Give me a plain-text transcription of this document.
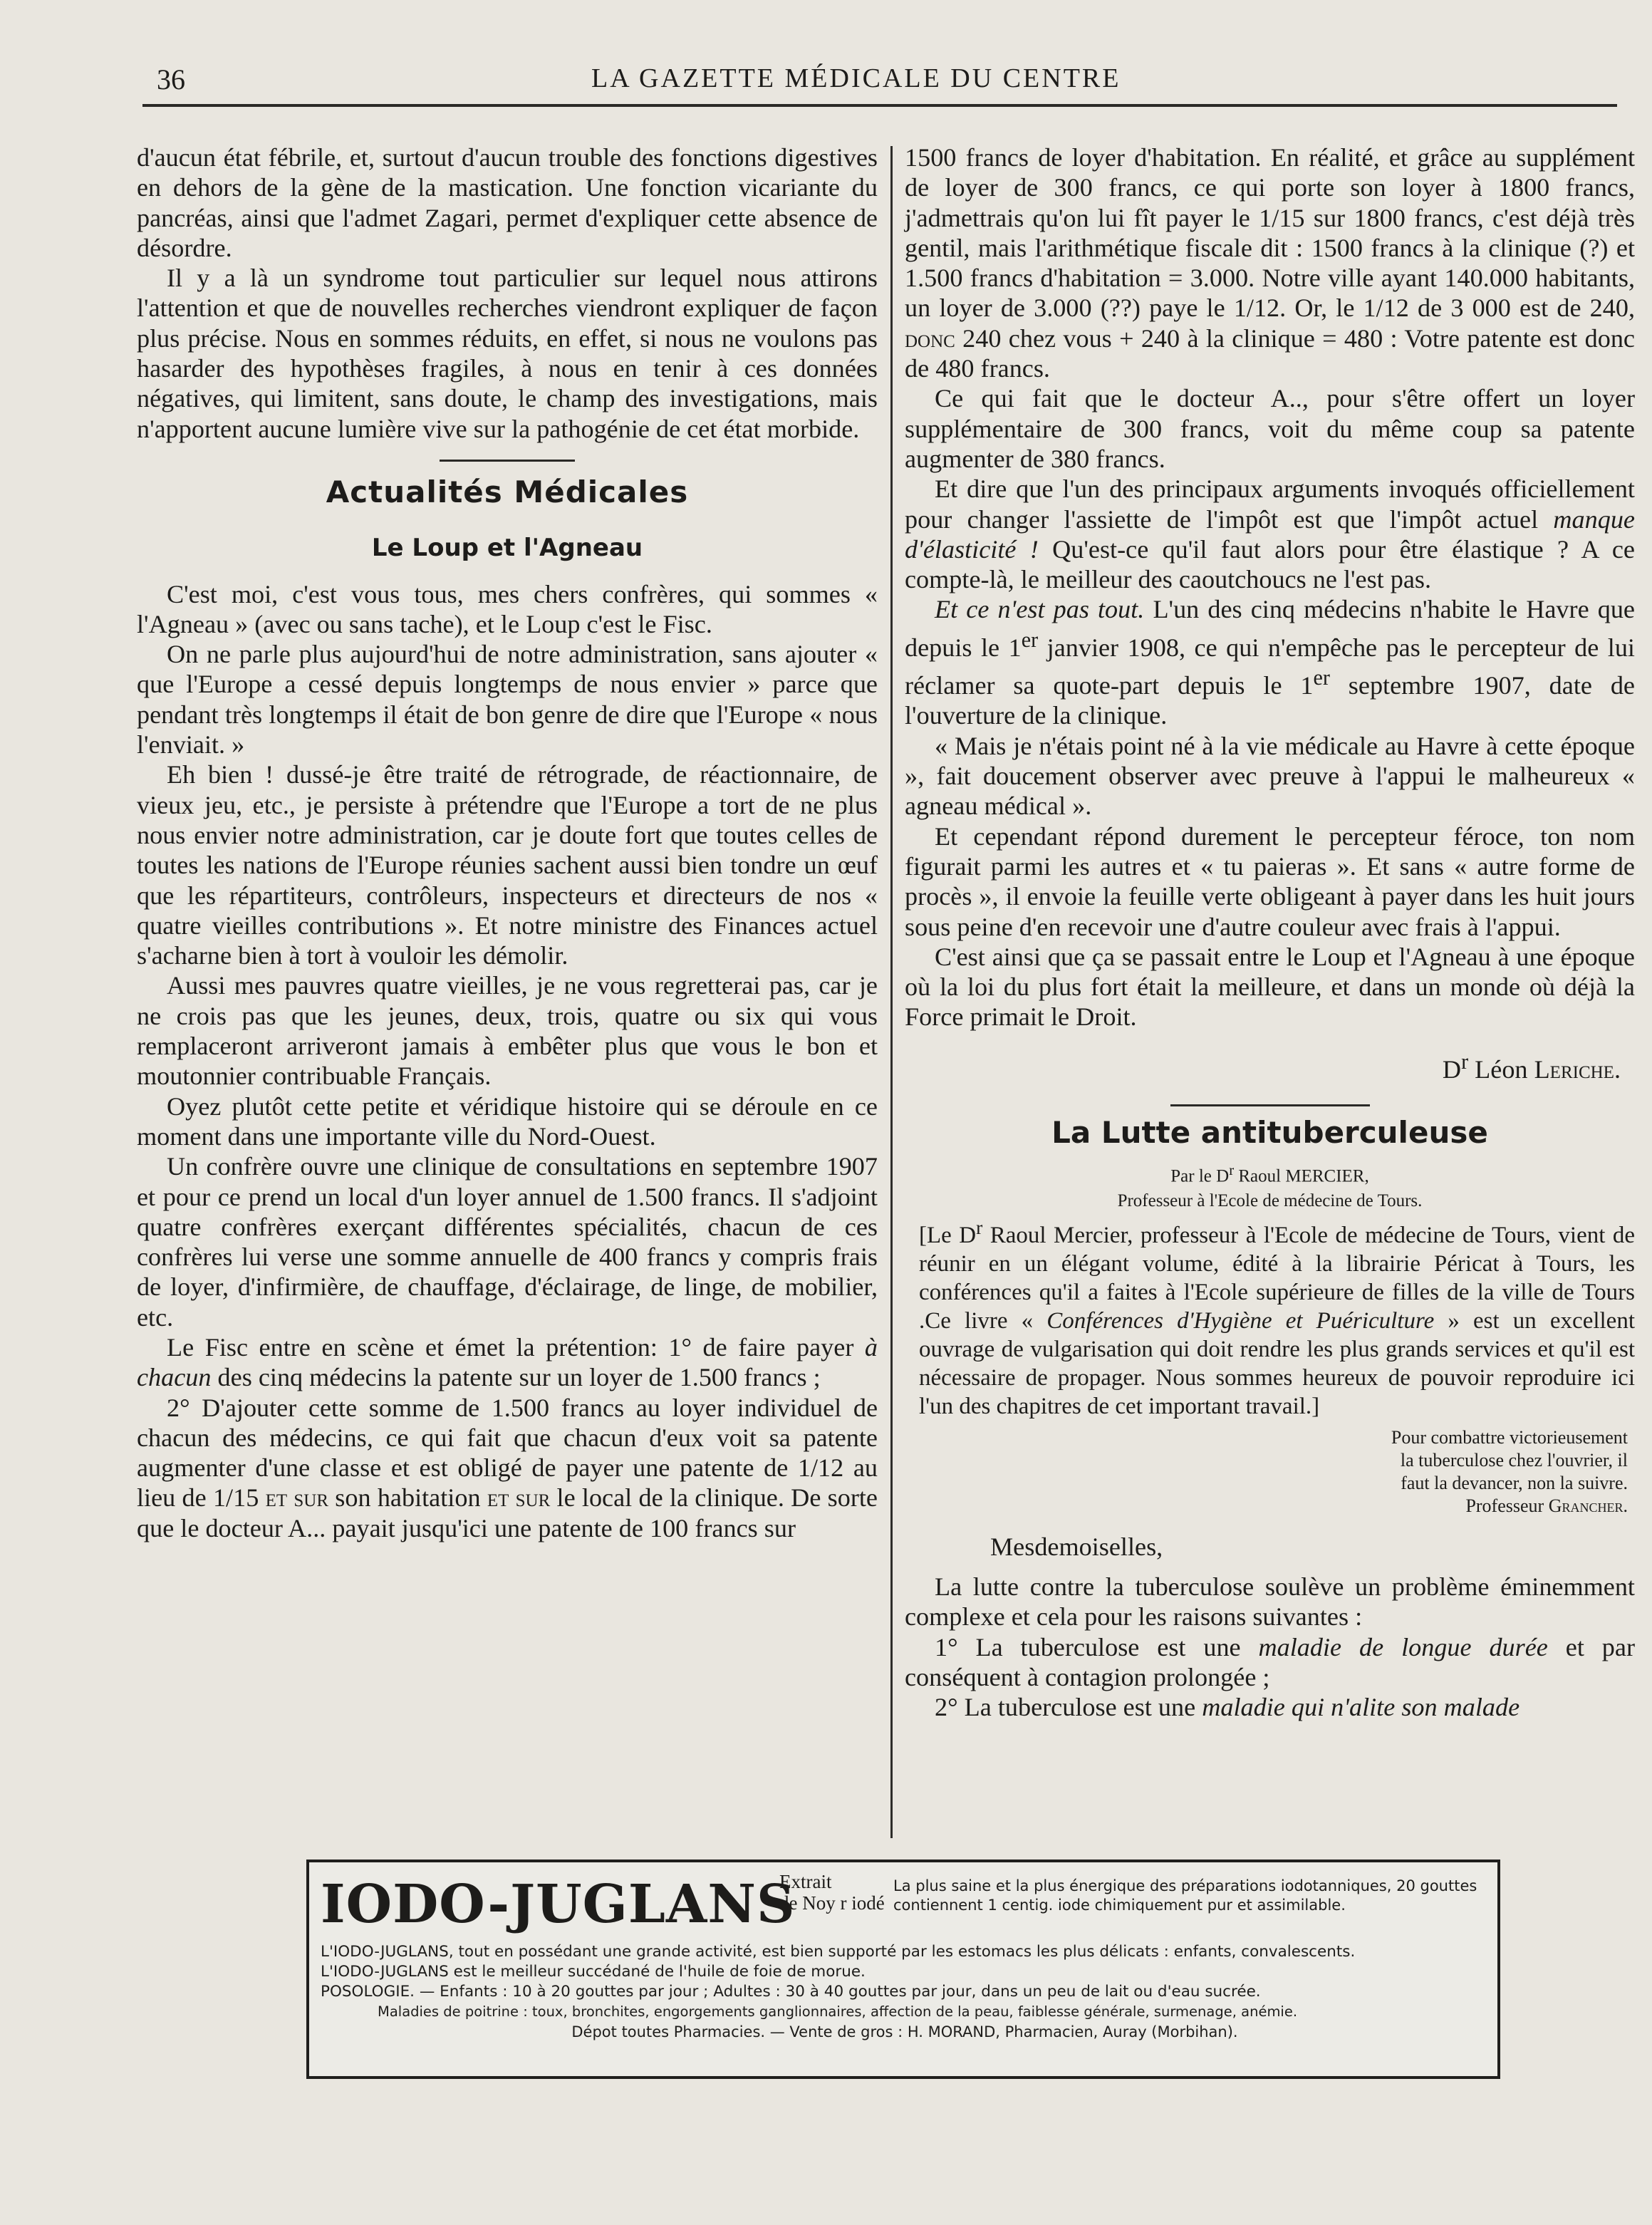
36	LA GAZETTE MÉDICALE DU CENTRE

d'aucun état fébrile, et, surtout d'aucun trouble des fonctions digestives en dehors de la gène de la mastication. Une fonction vicariante du pancréas, ainsi que l'admet Zagari, permet d'expliquer cette absence de désordre.

Il y a là un syndrome tout particulier sur lequel nous attirons l'attention et que de nouvelles recherches viendront expliquer de façon plus précise. Nous en sommes réduits, en effet, si nous ne voulons pas hasarder des hypothèses fragiles, à nous en tenir à ces données négatives, qui limitent, sans doute, le champ des investigations, mais n'apportent aucune lumière vive sur la pathogénie de cet état morbide.

Actualités Médicales
Le Loup et l'Agneau

C'est moi, c'est vous tous, mes chers confrères, qui sommes « l'Agneau » (avec ou sans tache), et le Loup c'est le Fisc.

On ne parle plus aujourd'hui de notre administration, sans ajouter « que l'Europe a cessé depuis longtemps de nous envier » parce que pendant très longtemps il était de bon genre de dire que l'Europe « nous l'enviait. »

Eh bien ! dussé-je être traité de rétrograde, de réactionnaire, de vieux jeu, etc., je persiste à prétendre que l'Europe a tort de ne plus nous envier notre administration, car je doute fort que toutes celles de toutes les nations de l'Europe réunies sachent aussi bien tondre un œuf que les répartiteurs, contrôleurs, inspecteurs et directeurs de nos « quatre vieilles contributions ». Et notre ministre des Finances actuel s'acharne bien à tort à vouloir les démolir.

Aussi mes pauvres quatre vieilles, je ne vous regretterai pas, car je ne crois pas que les jeunes, deux, trois, quatre ou six qui vous remplaceront arriveront jamais à embêter plus que vous le bon et moutonnier contribuable Français.

Oyez plutôt cette petite et véridique histoire qui se déroule en ce moment dans une importante ville du Nord-Ouest.

Un confrère ouvre une clinique de consultations en septembre 1907 et pour ce prend un local d'un loyer annuel de 1.500 francs. Il s'adjoint quatre confrères exerçant différentes spécialités, chacun de ces confrères lui verse une somme annuelle de 400 francs y compris frais de loyer, d'infirmière, de chauffage, d'éclairage, de linge, de mobilier, etc.

Le Fisc entre en scène et émet la prétention: 1° de faire payer à chacun des cinq médecins la patente sur un loyer de 1.500 francs ;

2° D'ajouter cette somme de 1.500 francs au loyer individuel de chacun des médecins, ce qui fait que chacun d'eux voit sa patente augmenter d'une classe et est obligé de payer une patente de 1/12 au lieu de 1/15 et sur son habitation et sur le local de la clinique. De sorte que le docteur A... payait jusqu'ici une patente de 100 francs sur

1500 francs de loyer d'habitation. En réalité, et grâce au supplément de loyer de 300 francs, ce qui porte son loyer à 1800 francs, j'admettrais qu'on lui fît payer le 1/15 sur 1800 francs, c'est déjà très gentil, mais l'arithmétique fiscale dit : 1500 francs à la clinique (?) et 1.500 francs d'habitation = 3.000. Notre ville ayant 140.000 habitants, un loyer de 3.000 (??) paye le 1/12. Or, le 1/12 de 3 000 est de 240, donc 240 chez vous + 240 à la clinique = 480 : Votre patente est donc de 480 francs.

Ce qui fait que le docteur A.., pour s'être offert un loyer supplémentaire de 300 francs, voit du même coup sa patente augmenter de 380 francs.

Et dire que l'un des principaux arguments invoqués officiellement pour changer l'assiette de l'impôt est que l'impôt actuel manque d'élasticité ! Qu'est-ce qu'il faut alors pour être élastique ? A ce compte-là, le meilleur des caoutchoucs ne l'est pas.

Et ce n'est pas tout. L'un des cinq médecins n'habite le Havre que depuis le 1er janvier 1908, ce qui n'empêche pas le percepteur de lui réclamer sa quote-part depuis le 1er septembre 1907, date de l'ouverture de la clinique.

« Mais je n'étais point né à la vie médicale au Havre à cette époque », fait doucement observer avec preuve à l'appui le malheureux « agneau médical ».

Et cependant répond durement le percepteur féroce, ton nom figurait parmi les autres et « tu paieras ». Et sans « autre forme de procès », il envoie la feuille verte obligeant à payer dans les huit jours sous peine d'en recevoir une d'autre couleur avec frais à l'appui.

C'est ainsi que ça se passait entre le Loup et l'Agneau à une époque où la loi du plus fort était la meilleure, et dans un monde où déjà la Force primait le Droit.

$D^r$ Léon Leriche.
La Lutte antituberculeuse
Par le $D^r$ Raoul MERCIER,
Professeur à l'Ecole de médecine de Tours.

[Le $D^r$ Raoul Mercier, professeur à l'Ecole de médecine de Tours, vient de réunir en un élégant volume, édité à la librairie Péricat à Tours, les conférences qu'il a faites à l'Ecole supérieure de filles de la ville de Tours .Ce livre « Conférences d'Hygiène et Puériculture » est un excellent ouvrage de vulgarisation qui doit rendre les plus grands services et qu'il est nécessaire de propager. Nous sommes heureux de pouvoir reproduire ici l'un des chapitres de cet important travail.]

Pour combattre victorieusement
la tuberculose chez l'ouvrier, il
faut la devancer, non la suivre.
Professeur Grancher.

Mesdemoiselles,

La lutte contre la tuberculose soulève un problème éminemment complexe et cela pour les raisons suivantes :

1° La tuberculose est une maladie de longue durée et par conséquent à contagion prolongée ;

2° La tuberculose est une maladie qui n'alite son malade

IODO-JUGLANS
Extrait
de Noy r iodé
La plus saine et la plus énergique des préparations iodotanniques, 20 gouttes contiennent 1 centig. iode chimiquement pur et assimilable.
L'IODO-JUGLANS, tout en possédant une grande activité, est bien supporté par les estomacs les plus délicats : enfants, convalescents.
L'IODO-JUGLANS est le meilleur succédané de l'huile de foie de morue.
POSOLOGIE. — Enfants : 10 à 20 gouttes par jour ; Adultes : 30 à 40 gouttes par jour, dans un peu de lait ou d'eau sucrée.
Maladies de poitrine : toux, bronchites, engorgements ganglionnaires, affection de la peau, faiblesse générale, surmenage, anémie.
Dépot toutes Pharmacies. — Vente de gros : H. MORAND, Pharmacien, Auray (Morbihan).
